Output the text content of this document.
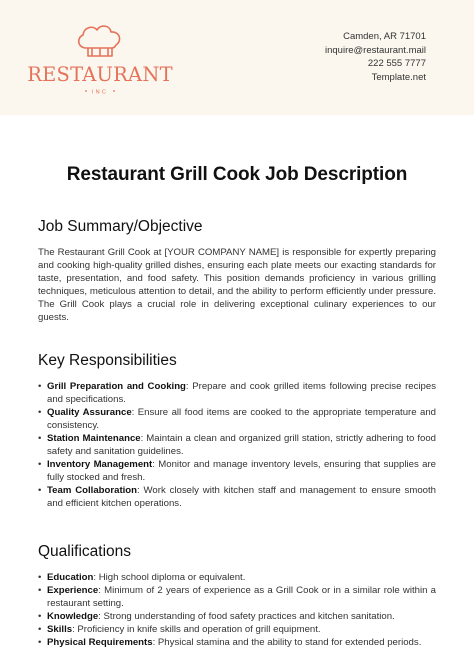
RESTAURANT
INC
Camden, AR 71701
inquire@restaurant.mail
222 555 7777
Template.net
Restaurant Grill Cook Job Description
Job Summary/Objective

The Restaurant Grill Cook at [YOUR COMPANY NAME] is responsible for expertly preparing and cooking high-quality grilled dishes, ensuring each plate meets our exacting standards for taste, presentation, and food safety. This position demands proficiency in various grilling techniques, meticulous attention to detail, and the ability to perform efficiently under pressure. The Grill Cook plays a crucial role in delivering exceptional culinary experiences to our guests.

Key Responsibilities
• Grill Preparation and Cooking: Prepare and cook grilled items following precise recipes and specifications.
• Quality Assurance: Ensure all food items are cooked to the appropriate temperature and consistency.
• Station Maintenance: Maintain a clean and organized grill station, strictly adhering to food safety and sanitation guidelines.
• Inventory Management: Monitor and manage inventory levels, ensuring that supplies are fully stocked and fresh.
• Team Collaboration: Work closely with kitchen staff and management to ensure smooth and efficient kitchen operations.
Qualifications
• Education: High school diploma or equivalent.
• Experience: Minimum of 2 years of experience as a Grill Cook or in a similar role within a restaurant setting.
• Knowledge: Strong understanding of food safety practices and kitchen sanitation.
• Skills: Proficiency in knife skills and operation of grill equipment.
• Physical Requirements: Physical stamina and the ability to stand for extended periods.
